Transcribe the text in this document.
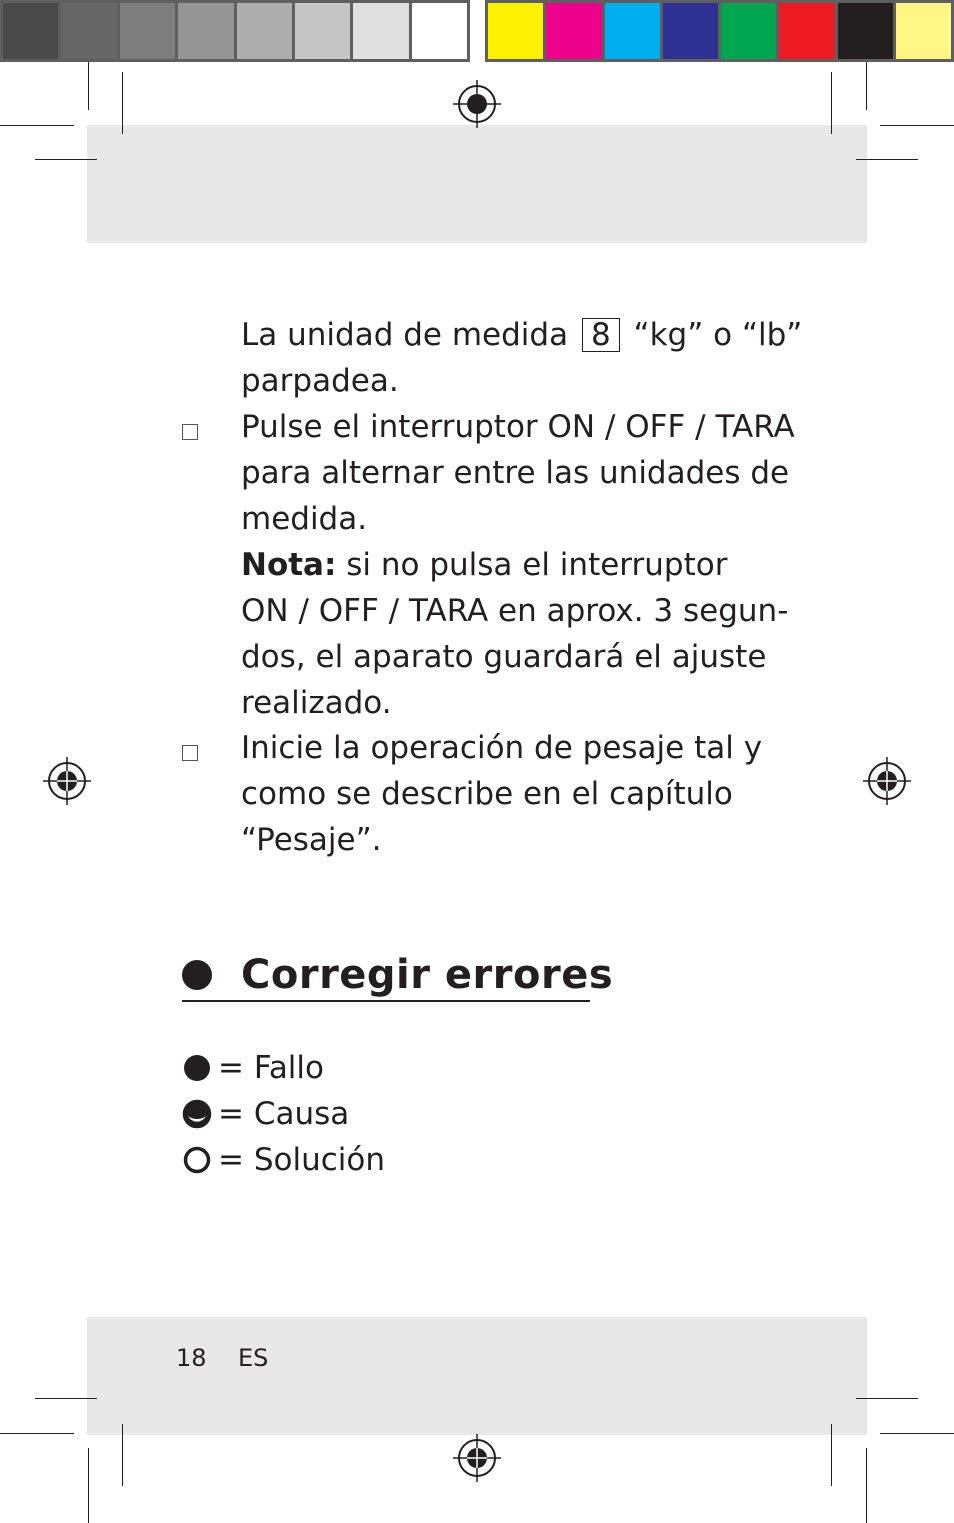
La unidad de medida 8 “kg” o “lb”
parpadea.
Pulse el interruptor ON / OFF / TARA
para alternar entre las unidades de
medida.
Nota: si no pulsa el interruptor
ON / OFF / TARA en aprox. 3 segun-
dos, el aparato guardará el ajuste
realizado.
Inicie la operación de pesaje tal y
como se describe en el capítulo
“Pesaje”.
Corregir errores
= Fallo
= Causa
= Solución
18 ES
